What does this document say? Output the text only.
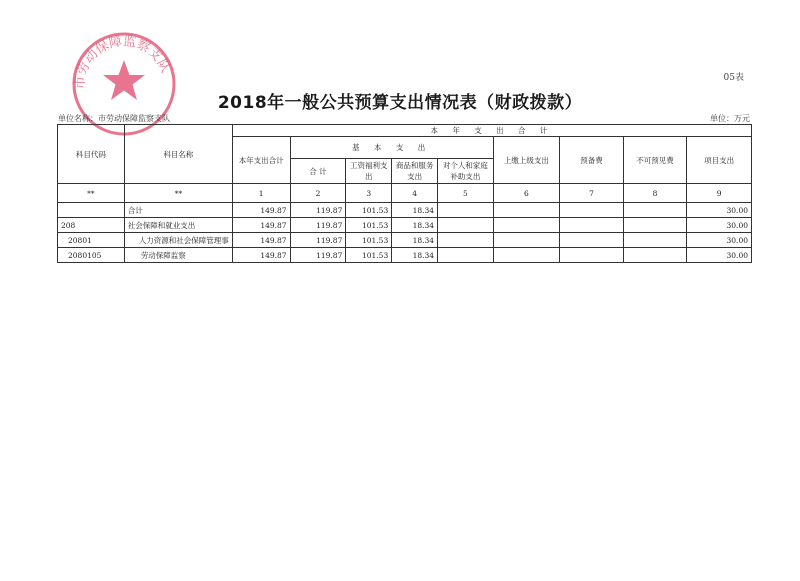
05表
市劳动保障监察支队
2018年一般公共预算支出情况表（财政拨款）
单位名称：市劳动保障监察支队	单位：万元
科目代码	科目名称	本 年 支 出 合 计								
		本年支出合计	基 本 支 出				上缴上级支出	预备费	不可预见费	项目支出
			合 计	工资福利支出	商品和服务支出	对个人和家庭补助支出				
**	**	1	2	3	4	5	6	7	8	9
	合计	149.87	119.87	101.53	18.34					30.00
208	社会保障和就业支出	149.87	119.87	101.53	18.34					30.00
20801	人力资源和社会保障管理事	149.87	119.87	101.53	18.34					30.00
2080105	劳动保障监察	149.87	119.87	101.53	18.34					30.00
